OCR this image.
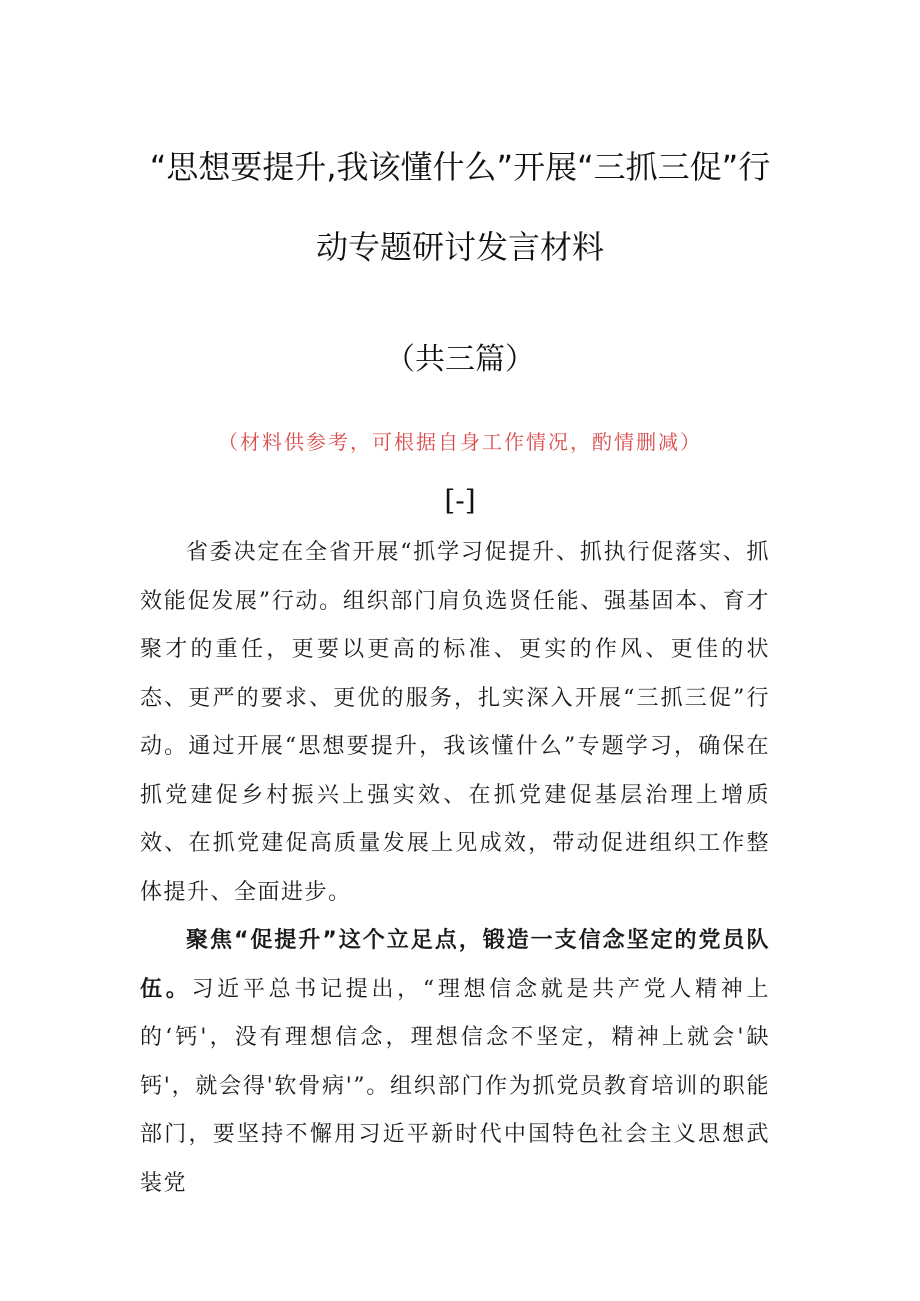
“思想要提升,我该懂什么”开展“三抓三促”行
动专题研讨发言材料
（共三篇）
（材料供参考，可根据自身工作情况，酌情删减）
[-]
省委决定在全省开展“抓学习促提升、抓执行促落实、抓效能促发展”行动。组织部门肩负选贤任能、强基固本、育才聚才的重任，更要以更高的标准、更实的作风、更佳的状态、更严的要求、更优的服务，扎实深入开展“三抓三促”行动。通过开展“思想要提升，我该懂什么”专题学习，确保在抓党建促乡村振兴上强实效、在抓党建促基层治理上增质效、在抓党建促高质量发展上见成效，带动促进组织工作整体提升、全面进步。
聚焦“促提升”这个立足点，锻造一支信念坚定的党员队伍。习近平总书记提出，“理想信念就是共产党人精神上的‘钙'，没有理想信念，理想信念不坚定，精神上就会'缺钙'，就会得'软骨病'”。组织部门作为抓党员教育培训的职能部门，要坚持不懈用习近平新时代中国特色社会主义思想武装党
